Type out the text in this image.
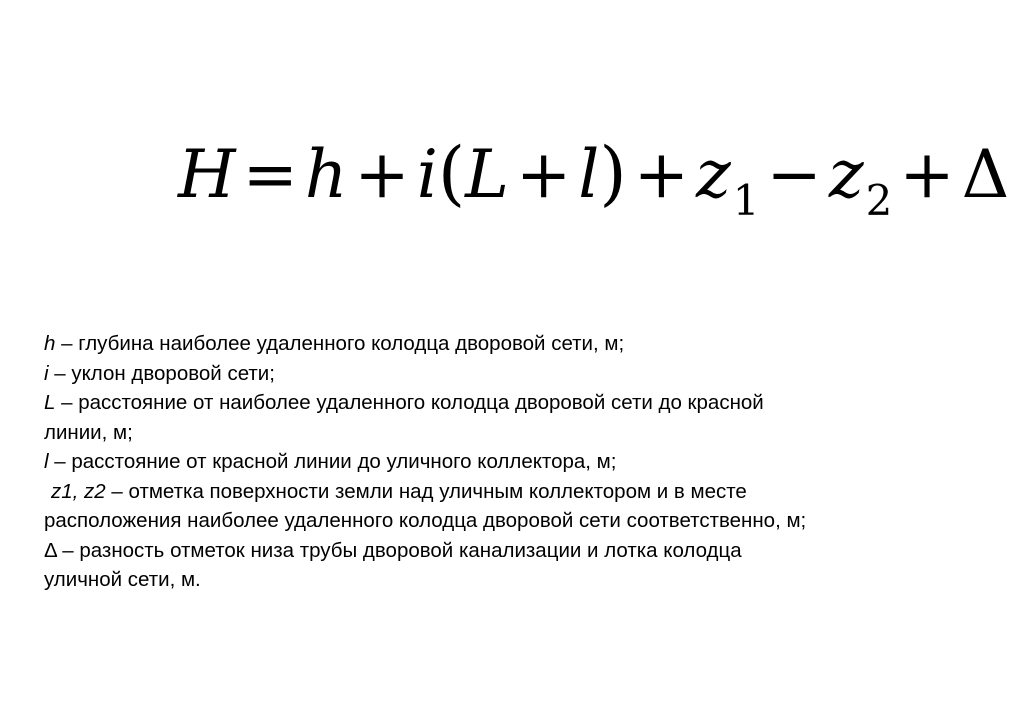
$H = h + i(L + l) + z_1 - z_2 + \Delta$
h – глубина наиболее удаленного колодца дворовой сети, м;
i – уклон дворовой сети;
L – расстояние от наиболее удаленного колодца дворовой сети до красной
линии, м;
l – расстояние от красной линии до уличного коллектора, м;
z1, z2 – отметка поверхности земли над уличным коллектором и в месте
расположения наиболее удаленного колодца дворовой сети соответственно, м;
Δ – разность отметок низа трубы дворовой канализации и лотка колодца
уличной сети, м.
